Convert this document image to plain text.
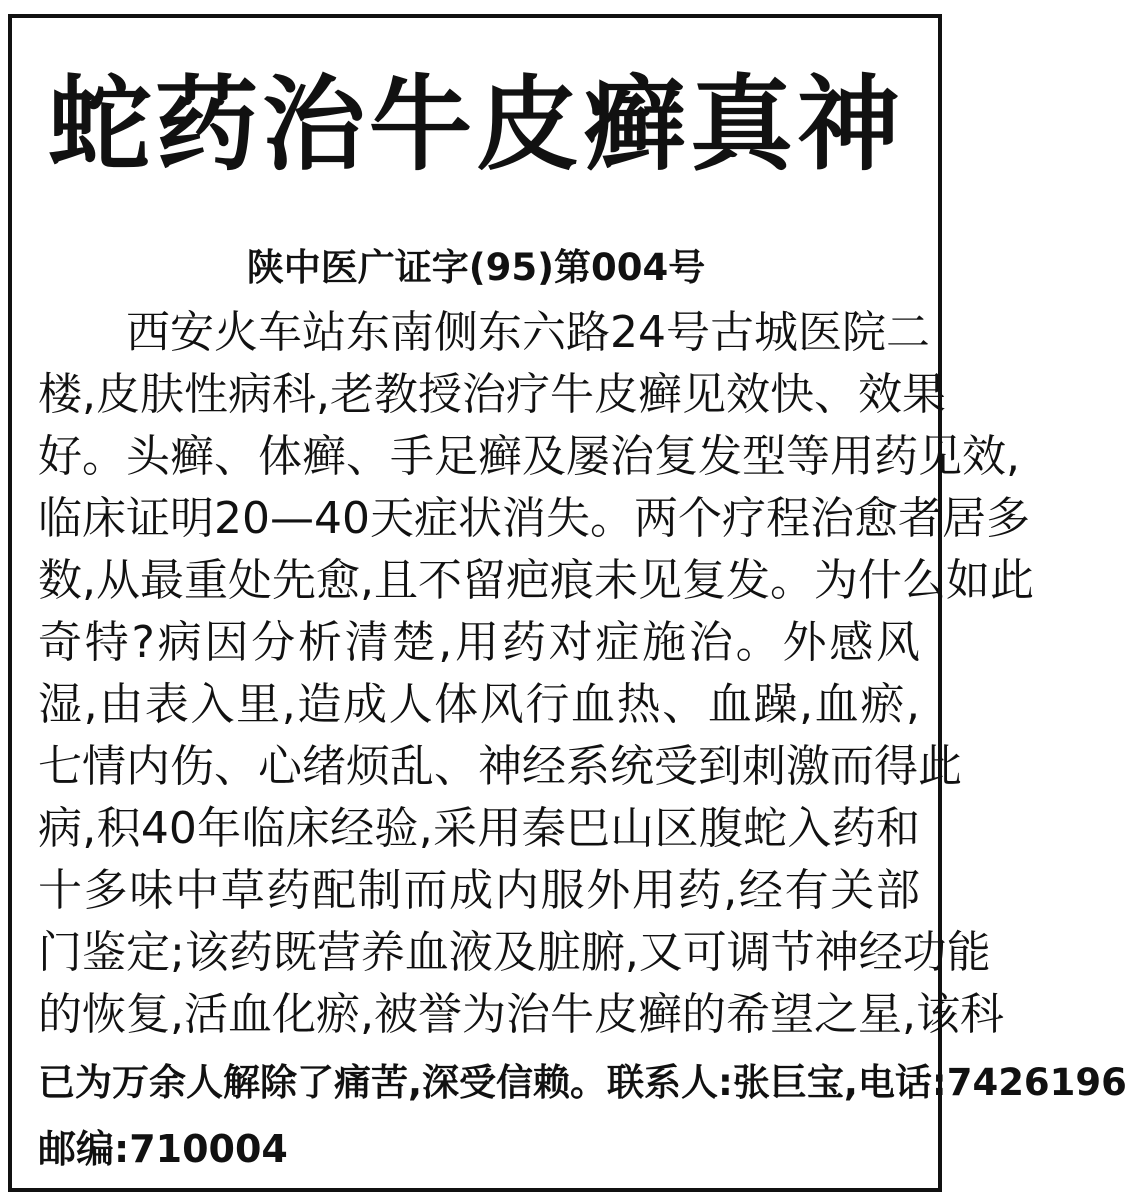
蛇药治牛皮癣真神
陕中医广证字(95)第004号
西安火车站东南侧东六路24号古城医院二
楼,皮肤性病科,老教授治疗牛皮癣见效快、效果
好。头癣、体癣、手足癣及屡治复发型等用药见效,
临床证明20—40天症状消失。两个疗程治愈者居多
数,从最重处先愈,且不留疤痕未见复发。为什么如此
奇特?病因分析清楚,用药对症施治。外感风
湿,由表入里,造成人体风行血热、血躁,血瘀,
七情内伤、心绪烦乱、神经系统受到刺激而得此
病,积40年临床经验,采用秦巴山区腹蛇入药和
十多味中草药配制而成内服外用药,经有关部
门鉴定;该药既营养血液及脏腑,又可调节神经功能
的恢复,活血化瘀,被誉为治牛皮癣的希望之星,该科
已为万余人解除了痛苦,深受信赖。联系人:张巨宝,电话:7426196
邮编:710004
